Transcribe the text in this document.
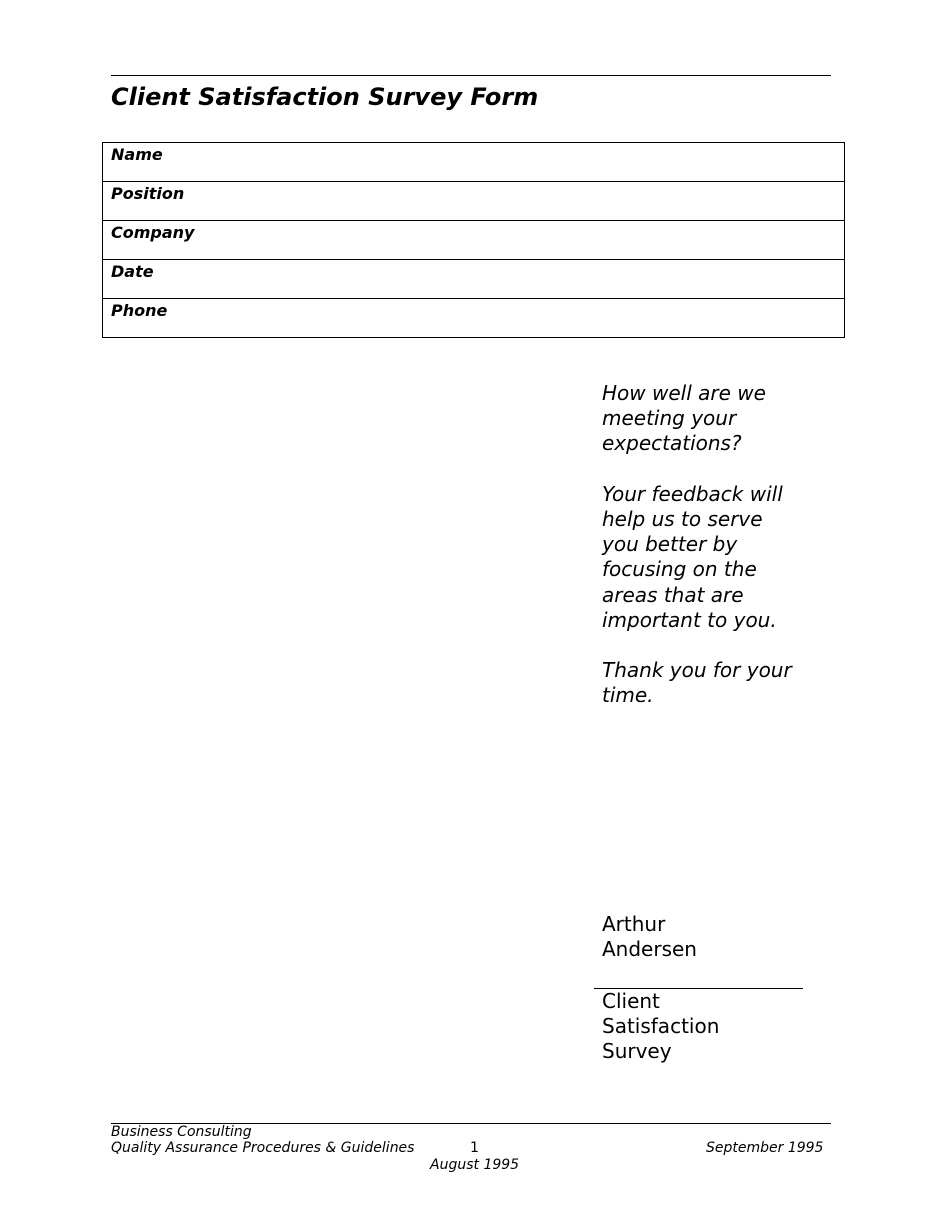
Client Satisfaction Survey Form
Name

Position

Company

Date

Phone

How well are we meeting your expectations?

Your feedback will help us to serve you better by focusing on the areas that are important to you.

Thank you for your time.

Arthur
Andersen
Client
Satisfaction
Survey
Business Consulting
Quality Assurance Procedures & Guidelines	1	September 1995
August 1995
